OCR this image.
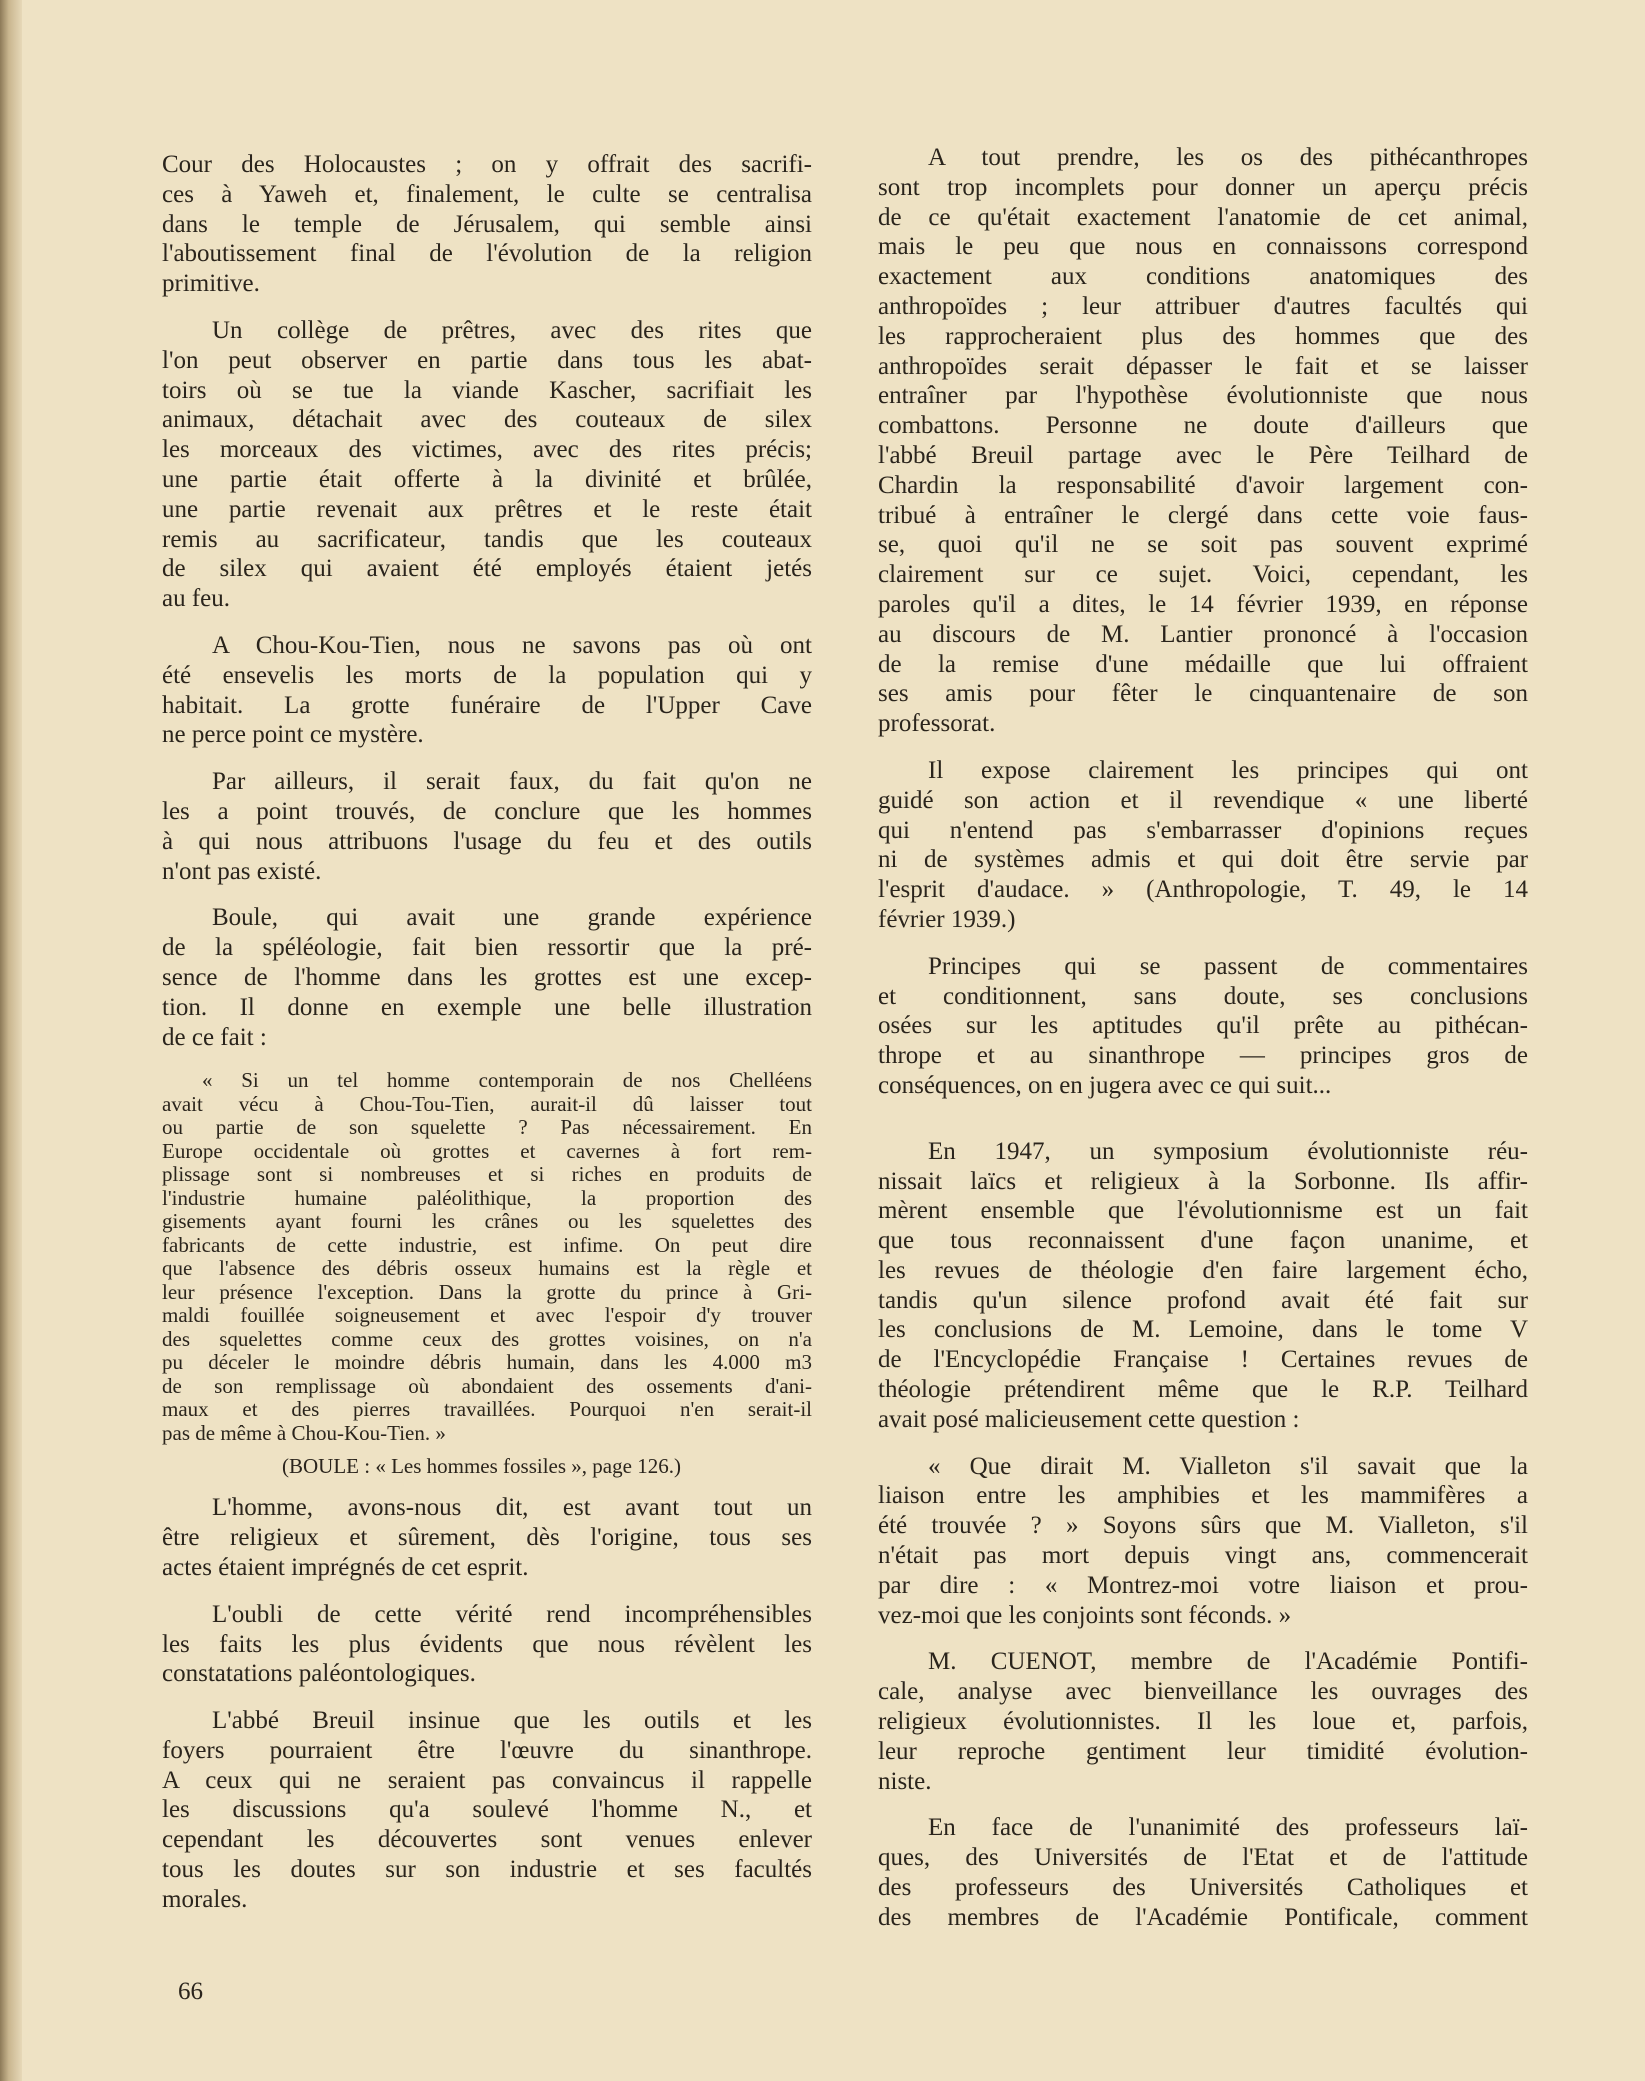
Cour des Holocaustes ; on y offrait des sacrifi-
ces à Yaweh et, finalement, le culte se centralisa
dans le temple de Jérusalem, qui semble ainsi
l'aboutissement final de l'évolution de la religion
primitive.
Un collège de prêtres, avec des rites que
l'on peut observer en partie dans tous les abat-
toirs où se tue la viande Kascher, sacrifiait les
animaux, détachait avec des couteaux de silex
les morceaux des victimes, avec des rites précis;
une partie était offerte à la divinité et brûlée,
une partie revenait aux prêtres et le reste était
remis au sacrificateur, tandis que les couteaux
de silex qui avaient été employés étaient jetés
au feu.
A Chou-Kou-Tien, nous ne savons pas où ont
été ensevelis les morts de la population qui y
habitait. La grotte funéraire de l'Upper Cave
ne perce point ce mystère.
Par ailleurs, il serait faux, du fait qu'on ne
les a point trouvés, de conclure que les hommes
à qui nous attribuons l'usage du feu et des outils
n'ont pas existé.
Boule, qui avait une grande expérience
de la spéléologie, fait bien ressortir que la pré-
sence de l'homme dans les grottes est une excep-
tion. Il donne en exemple une belle illustration
de ce fait :
« Si un tel homme contemporain de nos Chelléens
avait vécu à Chou-Tou-Tien, aurait-il dû laisser tout
ou partie de son squelette ? Pas nécessairement. En
Europe occidentale où grottes et cavernes à fort rem-
plissage sont si nombreuses et si riches en produits de
l'industrie humaine paléolithique, la proportion des
gisements ayant fourni les crânes ou les squelettes des
fabricants de cette industrie, est infime. On peut dire
que l'absence des débris osseux humains est la règle et
leur présence l'exception. Dans la grotte du prince à Gri-
maldi fouillée soigneusement et avec l'espoir d'y trouver
des squelettes comme ceux des grottes voisines, on n'a
pu déceler le moindre débris humain, dans les 4.000 m3
de son remplissage où abondaient des ossements d'ani-
maux et des pierres travaillées. Pourquoi n'en serait-il
pas de même à Chou-Kou-Tien. »
(BOULE : « Les hommes fossiles », page 126.)
L'homme, avons-nous dit, est avant tout un
être religieux et sûrement, dès l'origine, tous ses
actes étaient imprégnés de cet esprit.
L'oubli de cette vérité rend incompréhensibles
les faits les plus évidents que nous révèlent les
constatations paléontologiques.
L'abbé Breuil insinue que les outils et les
foyers pourraient être l'œuvre du sinanthrope.
A ceux qui ne seraient pas convaincus il rappelle
les discussions qu'a soulevé l'homme N., et
cependant les découvertes sont venues enlever
tous les doutes sur son industrie et ses facultés
morales.
A tout prendre, les os des pithécanthropes
sont trop incomplets pour donner un aperçu précis
de ce qu'était exactement l'anatomie de cet animal,
mais le peu que nous en connaissons correspond
exactement aux conditions anatomiques des
anthropoïdes ; leur attribuer d'autres facultés qui
les rapprocheraient plus des hommes que des
anthropoïdes serait dépasser le fait et se laisser
entraîner par l'hypothèse évolutionniste que nous
combattons. Personne ne doute d'ailleurs que
l'abbé Breuil partage avec le Père Teilhard de
Chardin la responsabilité d'avoir largement con-
tribué à entraîner le clergé dans cette voie faus-
se, quoi qu'il ne se soit pas souvent exprimé
clairement sur ce sujet. Voici, cependant, les
paroles qu'il a dites, le 14 février 1939, en réponse
au discours de M. Lantier prononcé à l'occasion
de la remise d'une médaille que lui offraient
ses amis pour fêter le cinquantenaire de son
professorat.
Il expose clairement les principes qui ont
guidé son action et il revendique « une liberté
qui n'entend pas s'embarrasser d'opinions reçues
ni de systèmes admis et qui doit être servie par
l'esprit d'audace. » (Anthropologie, T. 49, le 14
février 1939.)
Principes qui se passent de commentaires
et conditionnent, sans doute, ses conclusions
osées sur les aptitudes qu'il prête au pithécan-
thrope et au sinanthrope — principes gros de
conséquences, on en jugera avec ce qui suit...
En 1947, un symposium évolutionniste réu-
nissait laïcs et religieux à la Sorbonne. Ils affir-
mèrent ensemble que l'évolutionnisme est un fait
que tous reconnaissent d'une façon unanime, et
les revues de théologie d'en faire largement écho,
tandis qu'un silence profond avait été fait sur
les conclusions de M. Lemoine, dans le tome V
de l'Encyclopédie Française ! Certaines revues de
théologie prétendirent même que le R.P. Teilhard
avait posé malicieusement cette question :
« Que dirait M. Vialleton s'il savait que la
liaison entre les amphibies et les mammifères a
été trouvée ? » Soyons sûrs que M. Vialleton, s'il
n'était pas mort depuis vingt ans, commencerait
par dire : « Montrez-moi votre liaison et prou-
vez-moi que les conjoints sont féconds. »
M. CUENOT, membre de l'Académie Pontifi-
cale, analyse avec bienveillance les ouvrages des
religieux évolutionnistes. Il les loue et, parfois,
leur reproche gentiment leur timidité évolution-
niste.
En face de l'unanimité des professeurs laï-
ques, des Universités de l'Etat et de l'attitude
des professeurs des Universités Catholiques et
des membres de l'Académie Pontificale, comment
66
